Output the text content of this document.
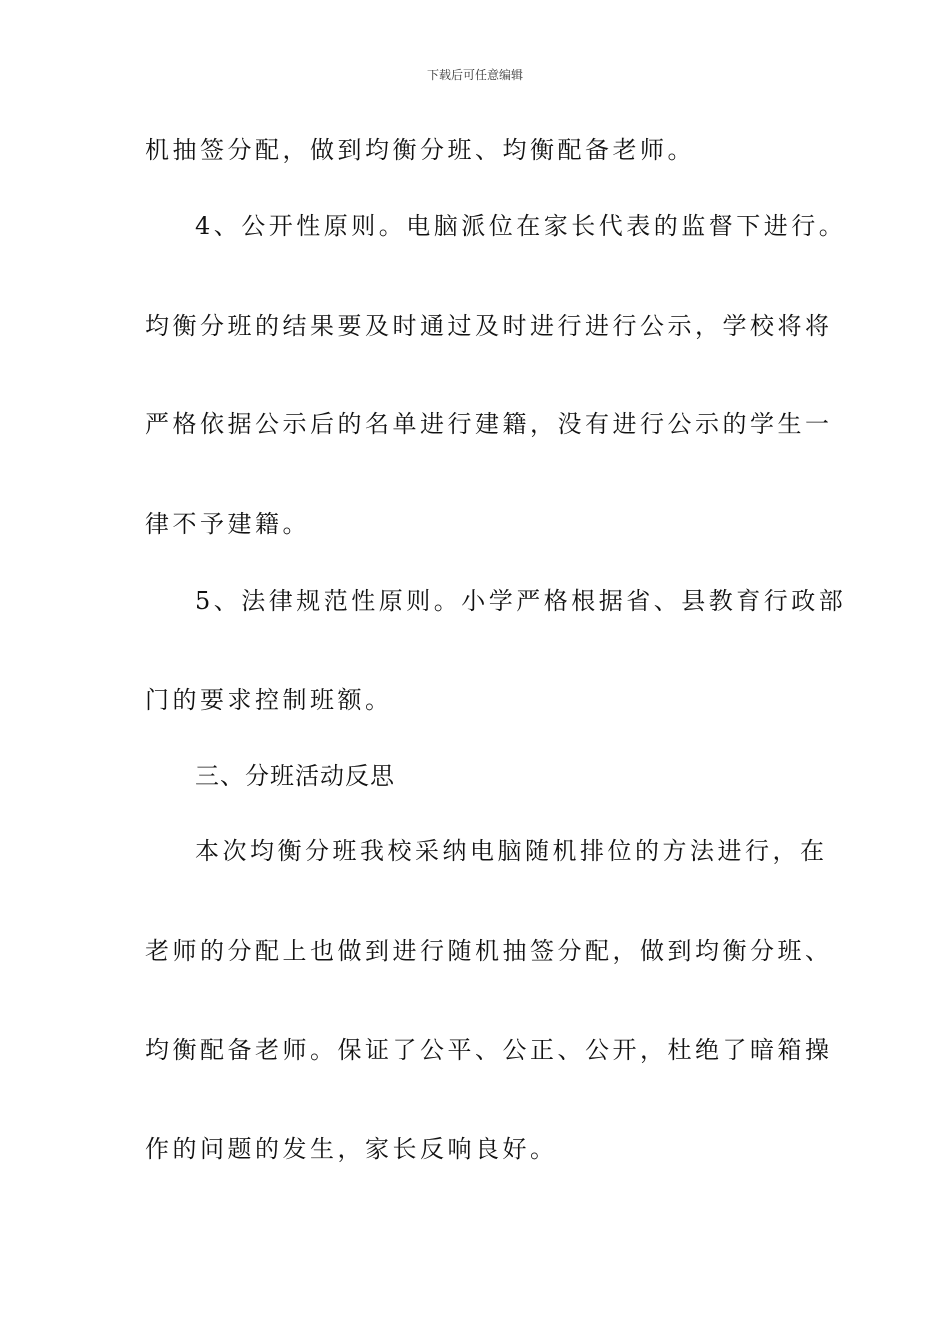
下载后可任意编辑
机抽签分配，做到均衡分班、均衡配备老师。
4、公开性原则。电脑派位在家长代表的监督下进行。
均衡分班的结果要及时通过及时进行进行公示，学校将将
严格依据公示后的名单进行建籍，没有进行公示的学生一
律不予建籍。
5、法律规范性原则。小学严格根据省、县教育行政部
门的要求控制班额。
三、分班活动反思
本次均衡分班我校采纳电脑随机排位的方法进行，在
老师的分配上也做到进行随机抽签分配，做到均衡分班、
均衡配备老师。保证了公平、公正、公开，杜绝了暗箱操
作的问题的发生，家长反响良好。
